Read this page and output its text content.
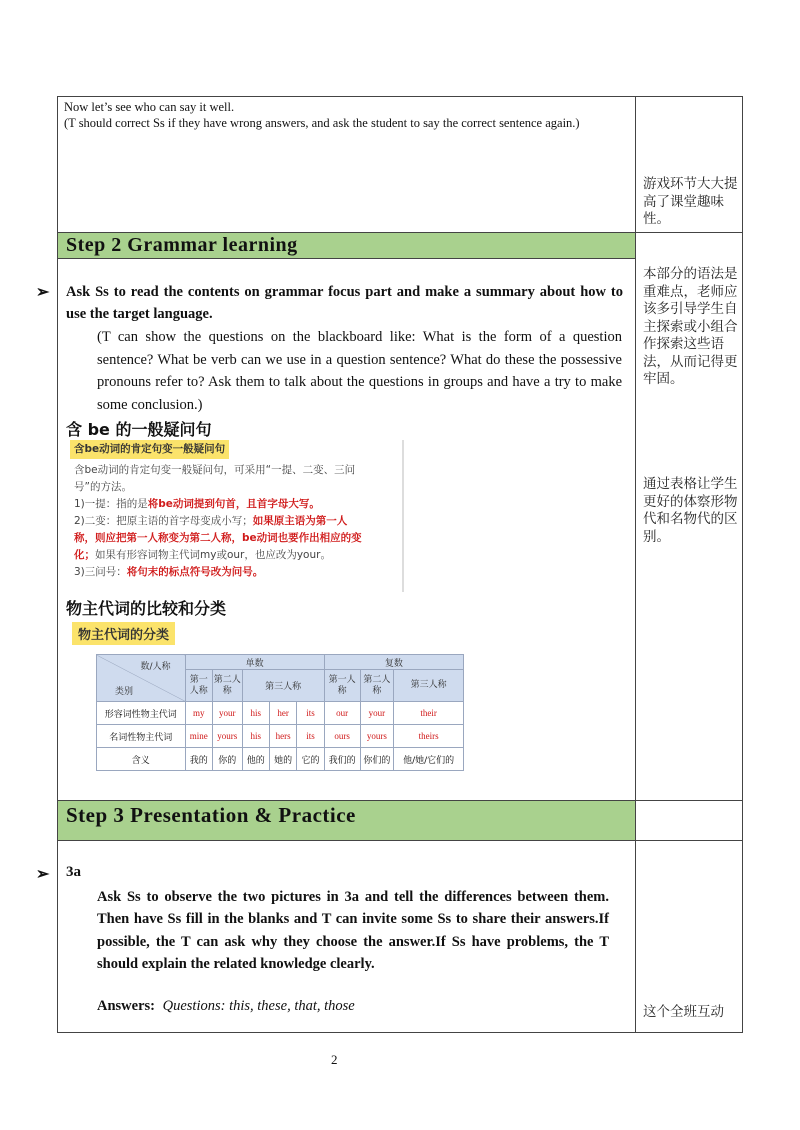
Now let’s see who can say it well.
(T should correct Ss if they have wrong answers, and ask the student to say the correct sentence again.)
游戏环节大大提高了课堂趣味性。
Step 2 Grammar learning
➢ Ask Ss to read the contents on grammar focus part and make a summary about how to use the target language.
(T can show the questions on the blackboard like: What is the form of a question sentence? What be verb can we use in a question sentence? What do these the possessive pronouns refer to? Ask them to talk about the questions in groups and have a try to make some conclusion.)
本部分的语法是重难点，老师应该多引导学生自主探索或小组合作探索这些语法，从而记得更牢固。
通过表格让学生更好的体察形物代和名物代的区别。
含 be 的一般疑问句
含be动词的肯定句变一般疑问句
含be动词的肯定句变一般疑问句，可采用“一提、二变、三问号”的方法。
1)一提：指的是将be动词提到句首，且首字母大写。
2)二变：把原主语的首字母变成小写；如果原主语为第一人称，则应把第一人称变为第二人称，be动词也要作出相应的变化；如果有形容词物主代词my或our，也应改为your。
3)三问号：将句末的标点符号改为问号。
物主代词的比较和分类
物主代词的分类
数/人称
类别	单数					复数		
	第一人称	第二人称	第三人称			第一人称	第二人称	第三人称
形容词性物主代词	my	your	his	her	its	our	your	their
名词性物主代词	mine	yours	his	hers	its	ours	yours	theirs
含义	我的	你的	他的	她的	它的	我们的	你们的	他/她/它们的
Step 3 Presentation & Practice
➢ 3a
Ask Ss to observe the two pictures in 3a and tell the differences between them. Then have Ss fill in the blanks and T can invite some Ss to share their answers.If possible, the T can ask why they choose the answer.If Ss have problems, the T should explain the related knowledge clearly.
Answers: Questions: this, these, that, those	这个全班互动
2
